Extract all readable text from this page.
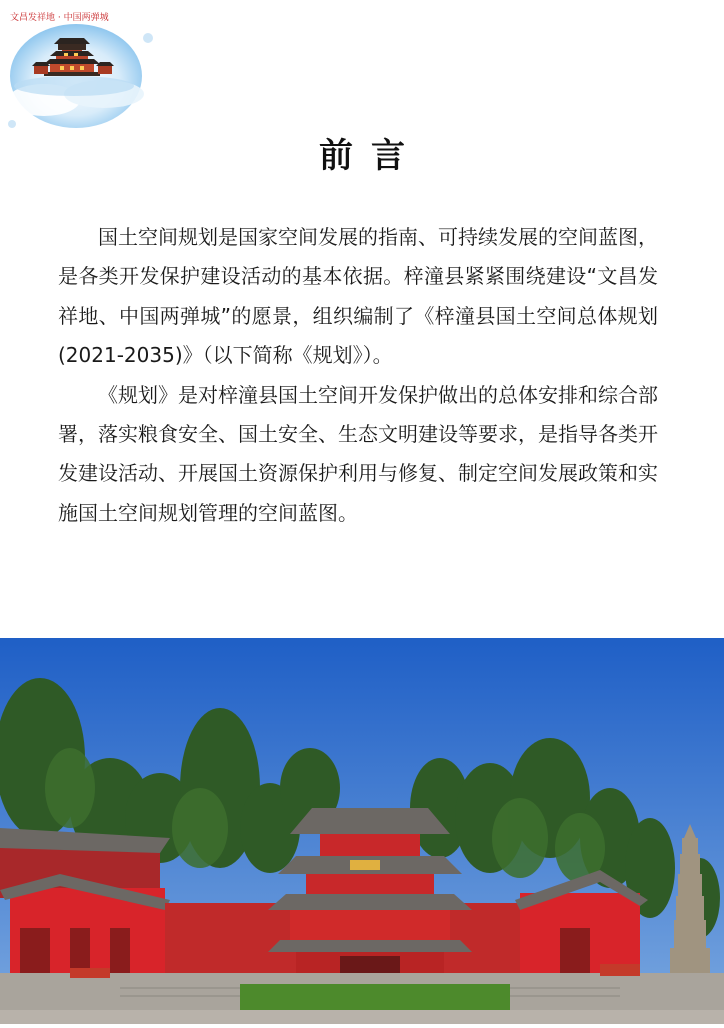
文昌发祥地 · 中国两弹城
前言

国土空间规划是国家空间发展的指南、可持续发展的空间蓝图，是各类开发保护建设活动的基本依据。梓潼县紧紧围绕建设“文昌发祥地、中国两弹城”的愿景，组织编制了《梓潼县国土空间总体规划(2021-2035)》（以下简称《规划》）。

《规划》是对梓潼县国土空间开发保护做出的总体安排和综合部署，落实粮食安全、国土安全、生态文明建设等要求，是指导各类开发建设活动、开展国土资源保护利用与修复、制定空间发展政策和实施国土空间规划管理的空间蓝图。
